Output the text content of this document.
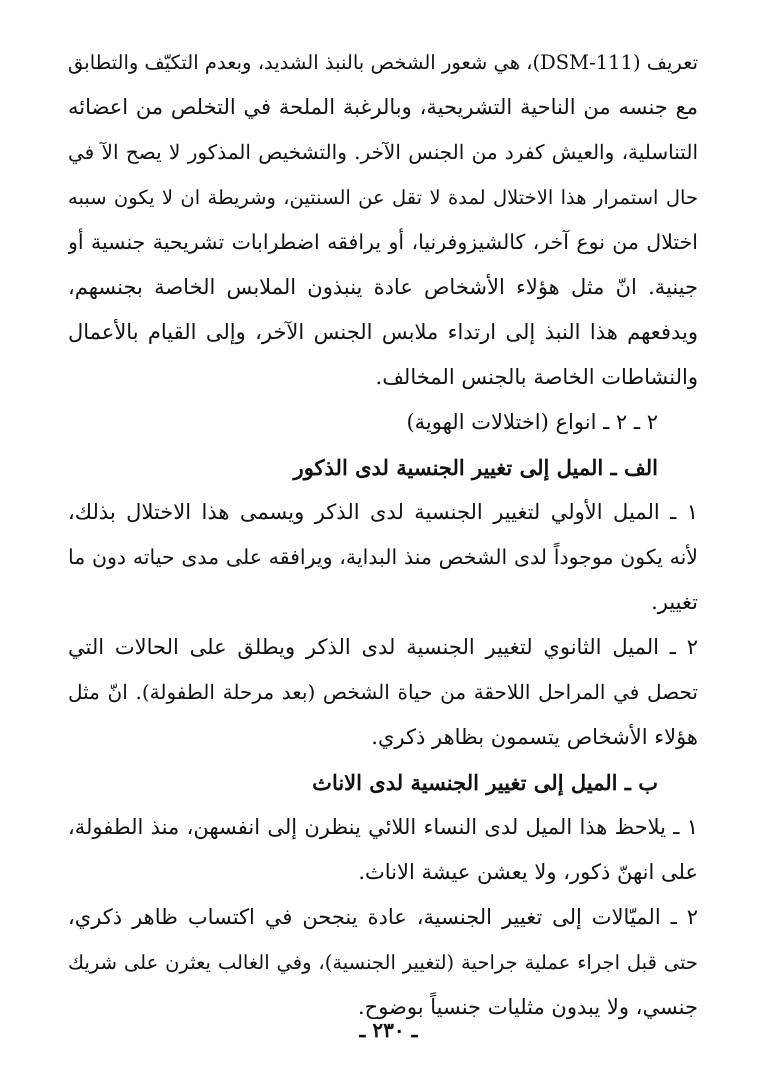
تعريف (DSM-111)، هي شعور الشخص بالنبذ الشديد، وبعدم التكيّف والتطابق
مع جنسه من الناحية التشريحية، وبالرغبة الملحة في التخلص من اعضائه
التناسلية، والعيش كفرد من الجنس الآخر. والتشخيص المذكور لا يصح الآ في
حال استمرار هذا الاختلال لمدة لا تقل عن السنتين، وشريطة ان لا يكون سببه
اختلال من نوع آخر، كالشيزوفرنيا، أو يرافقه اضطرابات تشريحية جنسية أو
جينية. انّ مثل هؤلاء الأشخاص عادة ينبذون الملابس الخاصة بجنسهم،
ويدفعهم هذا النبذ إلى ارتداء ملابس الجنس الآخر، وإلى القيام بالأعمال
والنشاطات الخاصة بالجنس المخالف.
٢ ـ ٢ ـ انواع (اختلالات الهوية)
الف ـ الميل إلى تغيير الجنسية لدى الذكور
١ ـ الميل الأولي لتغيير الجنسية لدى الذكر ويسمى هذا الاختلال بذلك،
لأنه يكون موجوداً لدى الشخص منذ البداية، ويرافقه على مدى حياته دون ما
تغيير.
٢ ـ الميل الثانوي لتغيير الجنسية لدى الذكر ويطلق على الحالات التي
تحصل في المراحل اللاحقة من حياة الشخص (بعد مرحلة الطفولة). انّ مثل
هؤلاء الأشخاص يتسمون بظاهر ذكري.
ب ـ الميل إلى تغيير الجنسية لدى الاناث
١ ـ يلاحظ هذا الميل لدى النساء اللائي ينظرن إلى انفسهن، منذ الطفولة،
على انهنّ ذكور، ولا يعشن عيشة الاناث.
٢ ـ الميّالات إلى تغيير الجنسية، عادة ينجحن في اكتساب ظاهر ذكري،
حتى قبل اجراء عملية جراحية (لتغيير الجنسية)، وفي الغالب يعثرن على شريك
جنسي، ولا يبدون مثليات جنسياً بوضوح.
ـ ٢٣٠ ـ
